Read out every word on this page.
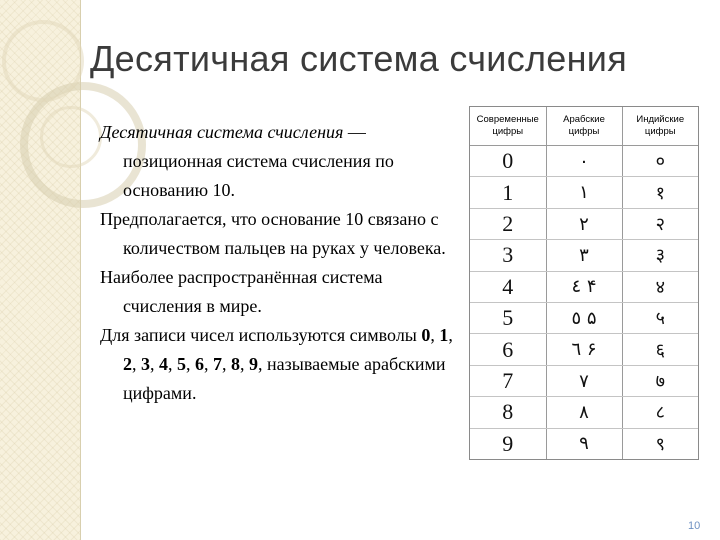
Десятичная система счисления

Десятичная система счисления — позиционная система счисления по основанию 10.

Предполагается, что основание 10 связано с количеством пальцев на руках у человека.

Наиболее распространённая система счисления в мире.

Для записи чисел используются символы 0, 1, 2, 3, 4, 5, 6, 7, 8, 9, называемые арабскими цифрами.

Современные цифры	Арабские цифры	Индийские цифры
0	٠	०
1	١	१
2	٢	२
3	٣	३
4	٤ ۴	४
5	٥ ۵	५
6	٦ ۶	६
7	٧	७
8	٨	८
9	٩	९
10
